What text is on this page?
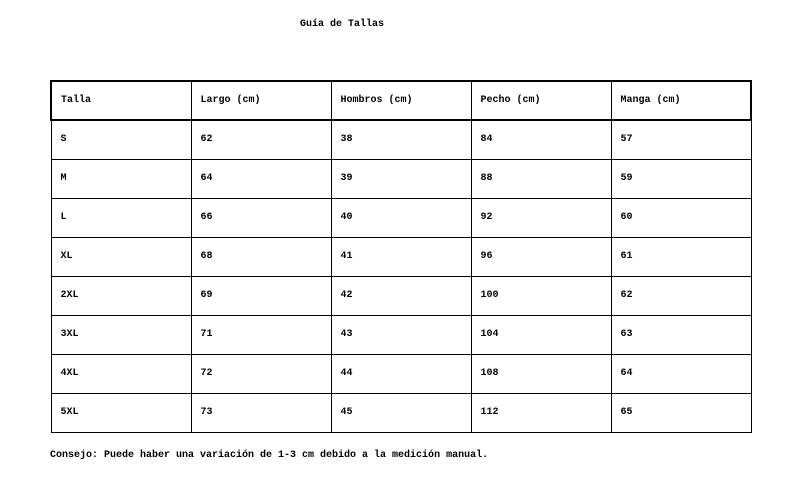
Guía de Tallas
Talla	Largo (cm)	Hombros (cm)	Pecho (cm)	Manga (cm)
S	62	38	84	57
M	64	39	88	59
L	66	40	92	60
XL	68	41	96	61
2XL	69	42	100	62
3XL	71	43	104	63
4XL	72	44	108	64
5XL	73	45	112	65
Consejo: Puede haber una variación de 1-3 cm debido a la medición manual.
